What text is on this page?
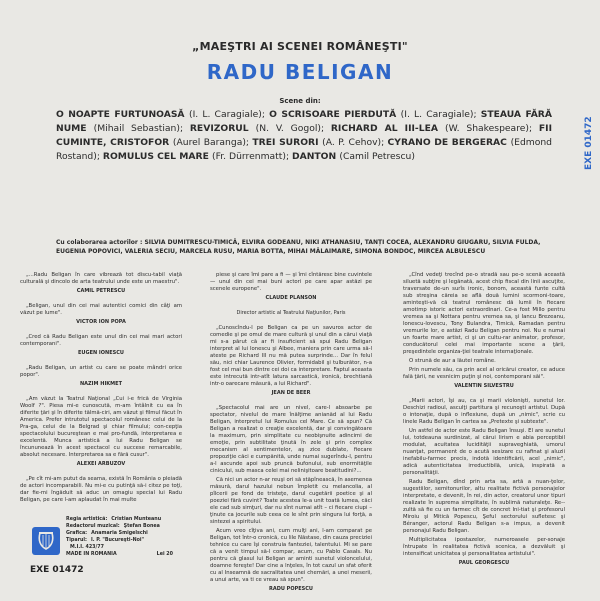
„MAEŞTRI AI SCENEI ROMÂNEŞTI"
RADU BELIGAN
Scene din:
O NOAPTE FURTUNOASĂ (I. L. Caragiale); O SCRISOARE PIERDUTĂ (I. L. Caragiale); STEAUA FĂRĂ NUME (Mihail Sebastian); REVIZORUL (N. V. Gogol); RICHARD AL III-LEA (W. Shakespeare); FII CUMINTE, CRISTOFOR (Aurel Baranga); TREI SURORI (A. P. Cehov); CYRANO DE BERGERAC (Edmond Rostand); ROMULUS CEL MARE (Fr. Dürrenmatt); DANTON (Camil Petrescu)
Cu colaborarea actorilor : SILVIA DUMITRESCU-TIMICĂ, ELVIRA GODEANU, NIKI ATHANASIU, TANȚI COCEA, ALEXANDRU GIUGARU, SILVIA FULDA, EUGENIA POPOVICI, VALERIA SECIU, MARCELA RUSU, MARIA BOTTA, MIHAI MĂLAIMARE, SIMONA BONDOC, MIRCEA ALBULESCU

„...Radu Beligan în care vibrează tot discu-tabil viaţă culturală şi dincolo de arta teatrului unde este un maestru".

CAMIL PETRESCU

„Beligan, unul din cei mai autentici comici din câţi am văzut pe lume".

VICTOR ION POPA

„Cred că Radu Beligan este unul din cei mai mari actori contemporani".

EUGEN IONESCU

„Radu Beligan, un artist cu care se poate mândri orice popor".

NAZIM HIKMET

„Am văzut la Teatrul Naţional „Cui i-e frică de Virginia Woolf ?". Piesa mi-e cunoscută, m-am întâlnit cu ea în diferite ţări şi în diferite tălmă-ciri, am văzut şi filmul făcut în America. Prefer intrutotul spectacolul românesc celui de la Pra-ga, celui de la Belgrad şi chiar filmului; con-cepţia spectacolului bucureştean e mai pro-fundă, interpretarea e excelentă. Munca artistică a lui Radu Beligan se încununează în acest spectacol cu succese remarcabile, absolut necesare. Interpretarea sa e fără cusur".

ALEXEI ARBUZOV

„Pe cît mi-am putut da seama, există în România o pleiadă de actori incomparabili. Nu mi-e cu putinţă să-i citez pe toţi, dar fie-mi îngăduit să aduc un omagiu special lui Radu Beligan, pe care l-am aplaudat în mai multe

piese şi care îmi pare a fi — şi îmi cîntăresc bine cuvintele — unul din cei mai buni actori pe care apar astăzi pe scenele europene".

CLAUDE PLANSON

Director artistic al Teatrului Naţiunilor, Paris

„Cunoscîndu-l pe Beligan ca pe un savuros actor de comedie şi pe omul de mare cultură şi unul din a cărui viaţă mi s-a părut că ar fi insuficient să spui Radu Beligan interpret al lui Ionescu şi Albee, maniera prin care urma să-l ateste pe Richard III nu mă putea surprinde... Dar în felul său, nici chiar Laurence Olivier, formidabil şi tulburător, n-a fost cel mai bun dintre cei doi ca interpretare. Faptul aceasta este intrecută intr-atît latura sarcastică, ironică, brechtiană intr-o oarecare măsură, a lui Richard".

JEAN DE BEER

„Spectacolul mai are un nivel, care-l absoarbe pe spectator, nivelul de mare înălţime anianăd al lui Radu Beligan, interpretul lui Romulus cel Mare. Ce să spun? Că Beligan a realizat o creaţie excelentă, dar şi convingătoare la maximum, prin simplitate cu neobişnuite adincimi de emoţie, prin subtilitate ţinută în zele şi prin complex mecanism al sentimentelor, aş zice dublate, fiecare propoziţie căci e cumpănită, unde numai sugerîndu-l, pentru a-l ascunde apoi sub pruncă bufonului, sub enormităţile cinicului, sub masca celei mai nelinişitoare beatitudini?...

Că nici un actor n-ar reuşi ori să stăpînească, în asemenea măsură, darul hazului nebun împletit cu melancolia, al pîlcerii pe fond de tristeţe, darul cugetării poetice şi al poeziei fără cuvint? Toate acestea le-a unit toată lumea, căci ele cad sub simţuri, dar nu sînt numai atît – ci fiecare ciupi – ţinute ca jocurile sub ceea ce le sînt prin singura lui forţă, a sintezei a spiritului.

Acum vreo cîţiva ani, cum mulţi ani, l-am comparat pe Beligan, tot într-o cronică, cu lile Năstase, din cauza preciziei tehnice cu care îşi construia fanteziei, talentului. Mi se pare că a venit timpul să-l compar, acum, cu Pablo Casals. Nu pentru că glasul lui Beligan ar aminti sunetul violoncelului, doamne fereşte! Dar cine a lnţeles, în tot cazul un sfat oferit cu al Inseamnă de sacralitatea unei chemări, a unei meserii, a unui arte, va ti ce vreau să spun".

RADU POPESCU

„Cînd vedeţi trecînd pe-o stradă sau pe-o scenă această siluetă subţire şi legănată, acest chip fiscal din linii ascuţite, traversate de-un surîs ironic, bonom, această funte cultă sub streşina căreia se află două lumini scormoni-toare, aminteşti-vă că teatrul românesc dă lumii în fiecare amotimp istoric actori extraordinari. Ce-a fost Millo pentru vremea sa şi Nottara pentru vremea sa, şi Iancu Brezeanu, Ionescu-lovescu, Tony Bulandra, Timică, Ramadan pentru vremurile lor, e astăzi Radu Beligan pentru noi. Nu e numai un foarte mare artist, ci şi un cultu-rar animator, profesor, conducătorul celei mai importante scene a ţării, preşedintele organiza-ţiei teatrale internaţionale.

O strună de aur a lăutei române.

Prin numele său, ca prin acel al oricărui creator, ce aduce fală ţării, ne vesnicim puţin şi noi, contemporani săi".

VALENTIN SILVESTRU

„Marii actori, îşi au, ca şi marii violonişti, sunetul lor. Deschizi radioul, asculţi partitura şi recunoşti artistul. După o intonaţie, după o inflexiune, după un „nimic", scrie cu linele Radu Beligan în cartea sa „Pretexte şi subtexte".

Un astfel de actor este Radu Beligan însuşi. El are sunetul lui, totdeauna surdinizat, al cărui lirism e abia perceptibil modulat, acuitatea lucidităţii supraveghiată, umorul nuanţat, permanent de o acută sesizare cu rafinat şi aluzii inefabilu-farmec precis, indotă identificării, acel „nimic", adică autenticitatea irreductibilă, unică, inspirată a personalităţii.

Radu Beligan, dînd prin arta sa, artă a nuan-ţelor, sugestiilor, semitonurilor, altu realitate fictivă personajelor interpretate, e devenit, în rei, din actor, creatorul unor tipuri realizate în suprema simplitate, în sublimă naturaleţe. Re-zultă să fie cu un farmec cît de concret Ini-tiat şi profesorul Miroiu şi Mitică Popescu, Şeful sectorului sufletesc şi Béranger, actorul Radu Beligan s-a impus, a devenit personajul Radu Beligan.

Multiplicitatea ipostazelor, numeroasele per-sonaje întrupate în realitatea fictivă scenica, a dezvăluit şi intensificat unicitatea şi personalitatea artistului".

PAUL GEORGESCU

Regia artistică: Cristian Munteanu
Redactorul muzical: Ştefan Bonea
Grafica: Anamaria Smigelschi
Tiparul: I. P. "Bucureşti-Noi"
M.I.I. 423/77
MADE IN ROMANIA	Lei 20
EXE 01472
EXE 01472
